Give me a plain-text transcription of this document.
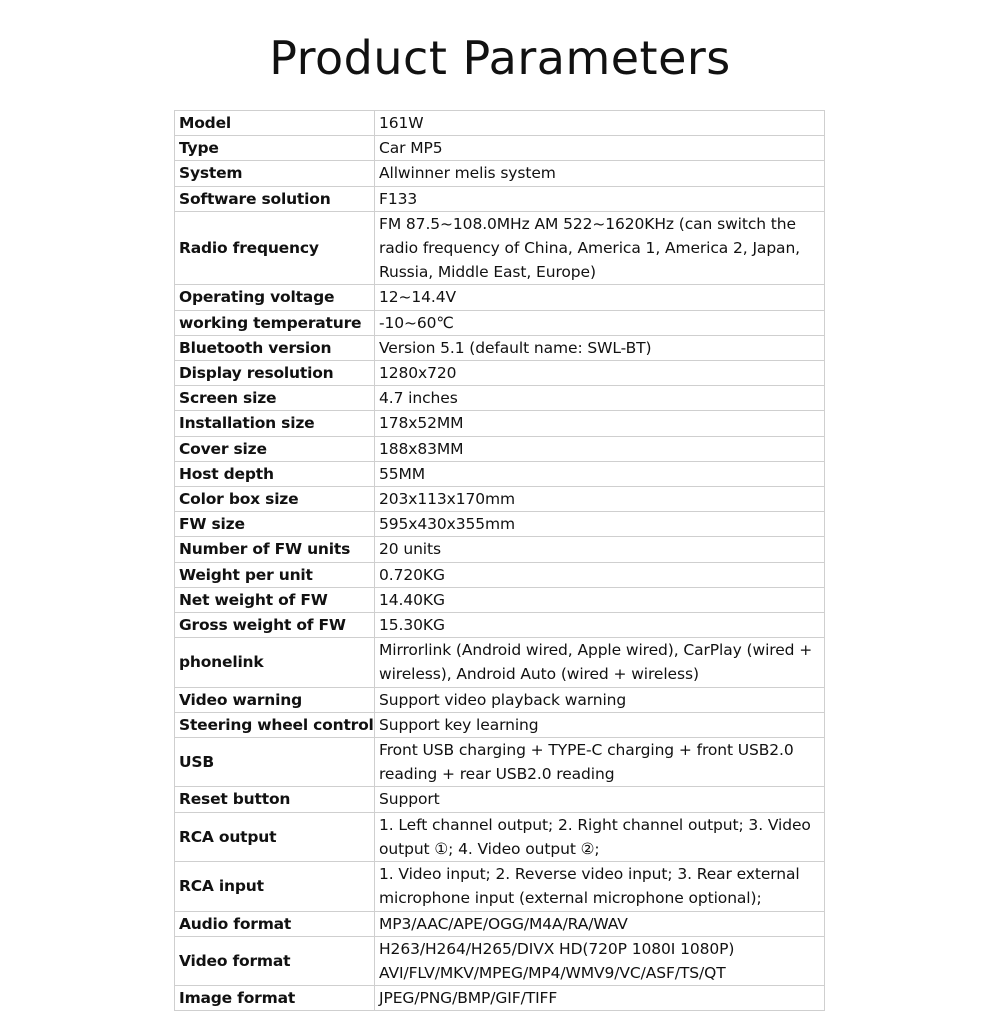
Product Parameters
Model	161W
Type	Car MP5
System	Allwinner melis system
Software solution	F133
Radio frequency	FM 87.5~108.0MHz AM 522~1620KHz (can switch the radio frequency of China, America 1, America 2, Japan, Russia, Middle East, Europe)
Operating voltage	12~14.4V
working temperature	-10~60℃
Bluetooth version	Version 5.1 (default name: SWL-BT)
Display resolution	1280x720
Screen size	4.7 inches
Installation size	178x52MM
Cover size	188x83MM
Host depth	55MM
Color box size	203x113x170mm
FW size	595x430x355mm
Number of FW units	20 units
Weight per unit	0.720KG
Net weight of FW	14.40KG
Gross weight of FW	15.30KG
phonelink	Mirrorlink (Android wired, Apple wired), CarPlay (wired + wireless), Android Auto (wired + wireless)
Video warning	Support video playback warning
Steering wheel control	Support key learning
USB	Front USB charging + TYPE-C charging + front USB2.0 reading + rear USB2.0 reading
Reset button	Support
RCA output	1. Left channel output; 2. Right channel output; 3. Video output ①; 4. Video output ②;
RCA input	1. Video input; 2. Reverse video input; 3. Rear external microphone input (external microphone optional);
Audio format	MP3/AAC/APE/OGG/M4A/RA/WAV
Video format	H263/H264/H265/DIVX HD(720P 1080I 1080P) AVI/FLV/MKV/MPEG/MP4/WMV9/VC/ASF/TS/QT
Image format	JPEG/PNG/BMP/GIF/TIFF
